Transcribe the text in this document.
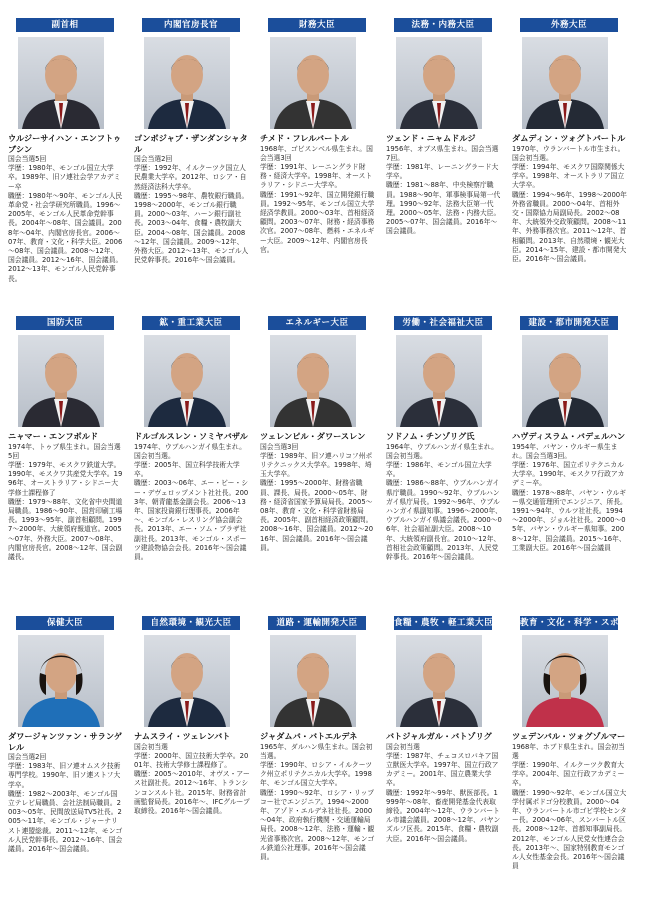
副首相
ウルジーサイハン・エンフトゥブシン
国会当選5回
学歴：1980年、モンゴル国立大学卒。1989年、旧ソ連社会学アカデミー卒
職歴：1980年～90年、モンゴル人民革命党・社会学研究所職員。1996～2005年、モンゴル人民革命党幹事長。2004年～08年、国会議員。2008年～04年、内閣官房長官。2006～07年、教育・文化・科学大臣。2006～08年、国会議員。2008～12年、国会議員。2012～16年、国会議員。2012～13年、モンゴル人民党幹事長。
内閣官房長官
ゴンボジャブ・ザンダンシャタル
国会当選2回
学歴：1992年、イルクーツク国立人民農業大学卒。2012年、ロシア・自然経済法科大学卒。
職歴：1995～98年、農牧銀行職員。1998～2000年、モンゴル銀行職員。2000～03年、ハーン銀行副社長。2003～04年、食糧・農牧副大臣。2004～08年、国会議員。2008～12年、国会議員。2009～12年、外務大臣。2012～13年、モンゴル人民党幹事長。2016年～国会議員。
財務大臣
チメド・フレルバートル
1968年、ゴビスンベル県生まれ。国会当選3回
学歴：1991年、レーニングラド財務・経済大学卒。1998年、オーストラリア・シドニー大学卒。
職歴：1991～92年、国立開発銀行職員。1992～95年、モンゴル国立大学経済学教員。2000～03年、首相経済顧問。2003～07年、財務・経済事務次官。2007～08年、燃料・エネルギー大臣。2009～12年、内閣官房長官。
法務・内務大臣
ツェンド・ニャムドルジ
1956年、オブス県生まれ。国会当選7回。
学歴：1981年、レーニングラード大学卒。
職歴：1981～88年、中央検察庁職員。1988～90年、軍事検事局第一代理。1990～92年、法務大臣第一代理。2000～05年、法務・内務大臣。2005～07年、国会議員。2016年～国会議員。
外務大臣
ダムディン・ツォグトバートル
1970年、ウランバートル市生まれ。国会初当選。
学歴：1994年、モスクワ国際関係大学卒。1998年、オーストラリア国立大学卒。
職歴：1994～96年、1998～2000年外務省職員。2000～04年、首相外交・国際協力局副局長。2002～08年、大統領外交政策顧問。2008～11年、外務事務次官。2011～12年、首相顧問。2013年、自然環境・観光大臣。2014～15年、建設・都市開発大臣。2016年～国会議員。
国防大臣
ニャマー・エンフボルド
1974年、トゥブ県生まれ。国会当選5回
学歴：1979年、モスクワ鉄道大学。1990年、モスクワ共産党大学卒。1996年、オーストラリア・シドニー大学修士課程修了
職歴：1979～88年、文化省中央間道局職員。1986～90年、国営印刷工場長。1993～95年、副首相顧問。1997～2000年、大統領府報道官。2005～07年、外務大臣。2007～08年、内閣官房長官。2008～12年、国会副議長。
鉱・重工業大臣
ドルゴルスレン・ソミヤバザル
1974年、ウブルハンガイ県生まれ。国会初当選。
学歴：2005年、国立科学技術大学卒。
職歴：2003～06年、エー・ビー・シー・デヴェロップメント社社長。2003年、朝青龍基金副会長。2006～13年、国家投資銀行理事長。2006年～、モンゴル・レスリング協会副会長。2013年、エー・ソム・ブラザ社副社長。2013年、モンゴル・スポーツ建設物協会会長。2016年～国会議員。
エネルギー大臣
ツェレンピル・ダワースレン
国会当選3回
学歴：1989年、旧ソ連ハリコフ州ポリテクニックス大学卒。1998年、埼玉大学卒。
職歴：1995～2000年、財務省職員、課長、局長。2000～05年、財務・経済省国家予算局局長。2005～08年、教育・文化・科学省財務局長。2005年、副首相経済政策顧問。2008～16年、国会議員。2012～2016年、国会議員。2016年～国会議員。
労働・社会福祉大臣
ソドノム・チンゾリグ氏
1964年、ウブルハンガイ県生まれ。国会初当選。
学歴：1986年、モンゴル国立大学卒。
職歴：1986～88年、ウブルハンガイ県庁職員。1990～92年、ウブルハンガイ県庁局長。1992～96年、ウブルハンガイ県副知事。1996～2000年、ウブルハンガイ県議会議長。2000～06年、社会福祉副大臣。2008～10年、大統領府副長官。2010～12年、首相社会政策顧問。2013年、人民党幹事長。2016年～国会議員。
建設・都市開発大臣
ハヴディスラム・バデェルハン
1954年、バヤン・ウルギー県生まれ。国会当選3回。
学歴：1976年、国立ポリテクニカル大学卒。1990年、モスクワ行政アカデミー卒。
職歴：1978～88年、バヤン・ウルギー県交通管理所でエンジニア、所長。1991～94年、ウルツ社社長。1994～2000年、ジョル社社長。2000～05年、バヤン・ウルギー県知事。2008～12年、国会議員。2015～16年、工業副大臣。2016年～国会議員
保健大臣
ダワージャンツァン・サランゲレル
国会当選2回
学歴：1983年、旧ソ連オムスク技術専門学校。1990年、旧ソ連ストフ大学卒。
職歴：1982～2003年、モンゴル国立テレビ局職員、会社法制局職員。2003～05年、民間放送局TV5社長。2005～11年、モンゴル・ジャーナリスト連盟総裁。2011～12年、モンゴル人民党幹事長。2012～16年、国会議員。2016年～国会議員。
自然環境・観光大臣
ナムスライ・ツェレンバト
国会初当選
学歴：2000年、国立技術大学卒。2001年、技術大学修士課程修了。
職歴：2005～2010年、オヴス・アース社副社長。2012～16年、トランシンコンスルト社。2015年、財務省計画監督局長。2016年～、IFCグループ取締役。2016年～国会議員。
道路・運輸開発大臣
ジャダムバ・バトエルデネ
1965年、ダルハン県生まれ。国会初当選。
学歴：1990年、ロシア・イルクーツク州立ポリテクニカル大学卒。1998年、モンゴル国立大学卒。
職歴：1990～92年、ロシア・リップコー社でエンジニア。1994～2000年、アゾド・エルデネ社社長。2000～04年、政府執行機関・交通運輸局局長。2008～12年、法務・運輸・観光省事務次官。2008～12年、モンゴル鉄道公社理事。2016年～国会議員。
食糧・農牧・軽工業大臣
バトジャルガル・バトゾリグ
国会初当選
学歴：1987年、チェコスロバキア国立獣医大学卒。1997年、国立行政アカデミー。2001年、国立農業大学卒。
職歴：1992年～99年、獣医部長。1999年～08年、畜産開発基金代表取締役。2004年～12年、ウランバートル市議会議員。2008～12年、バヤンズルフ区長。2015年、食糧・農牧副大臣。2016年～国会議員。
教育・文化・科学・スポーツ大臣
ツェデンバル・ツォグゾルマー
1968年、ホブド県生まれ。国会初当選
学歴：1990年、イルクーツク教育大学卒。2004年、国立行政アカデミー卒。
職歴：1990～92年、モンゴル国立大学付属ポドゴ分校教員。2000～04年、ウランバートル市ゴビ学校センター長。2004～06年、スンバートル区長。2008～12年、首都知事副局長。2012年、モンゴル人民党女性連合会長。2013年～、国家特別教育モンゴル人女性基金会長。2016年～国会議員
